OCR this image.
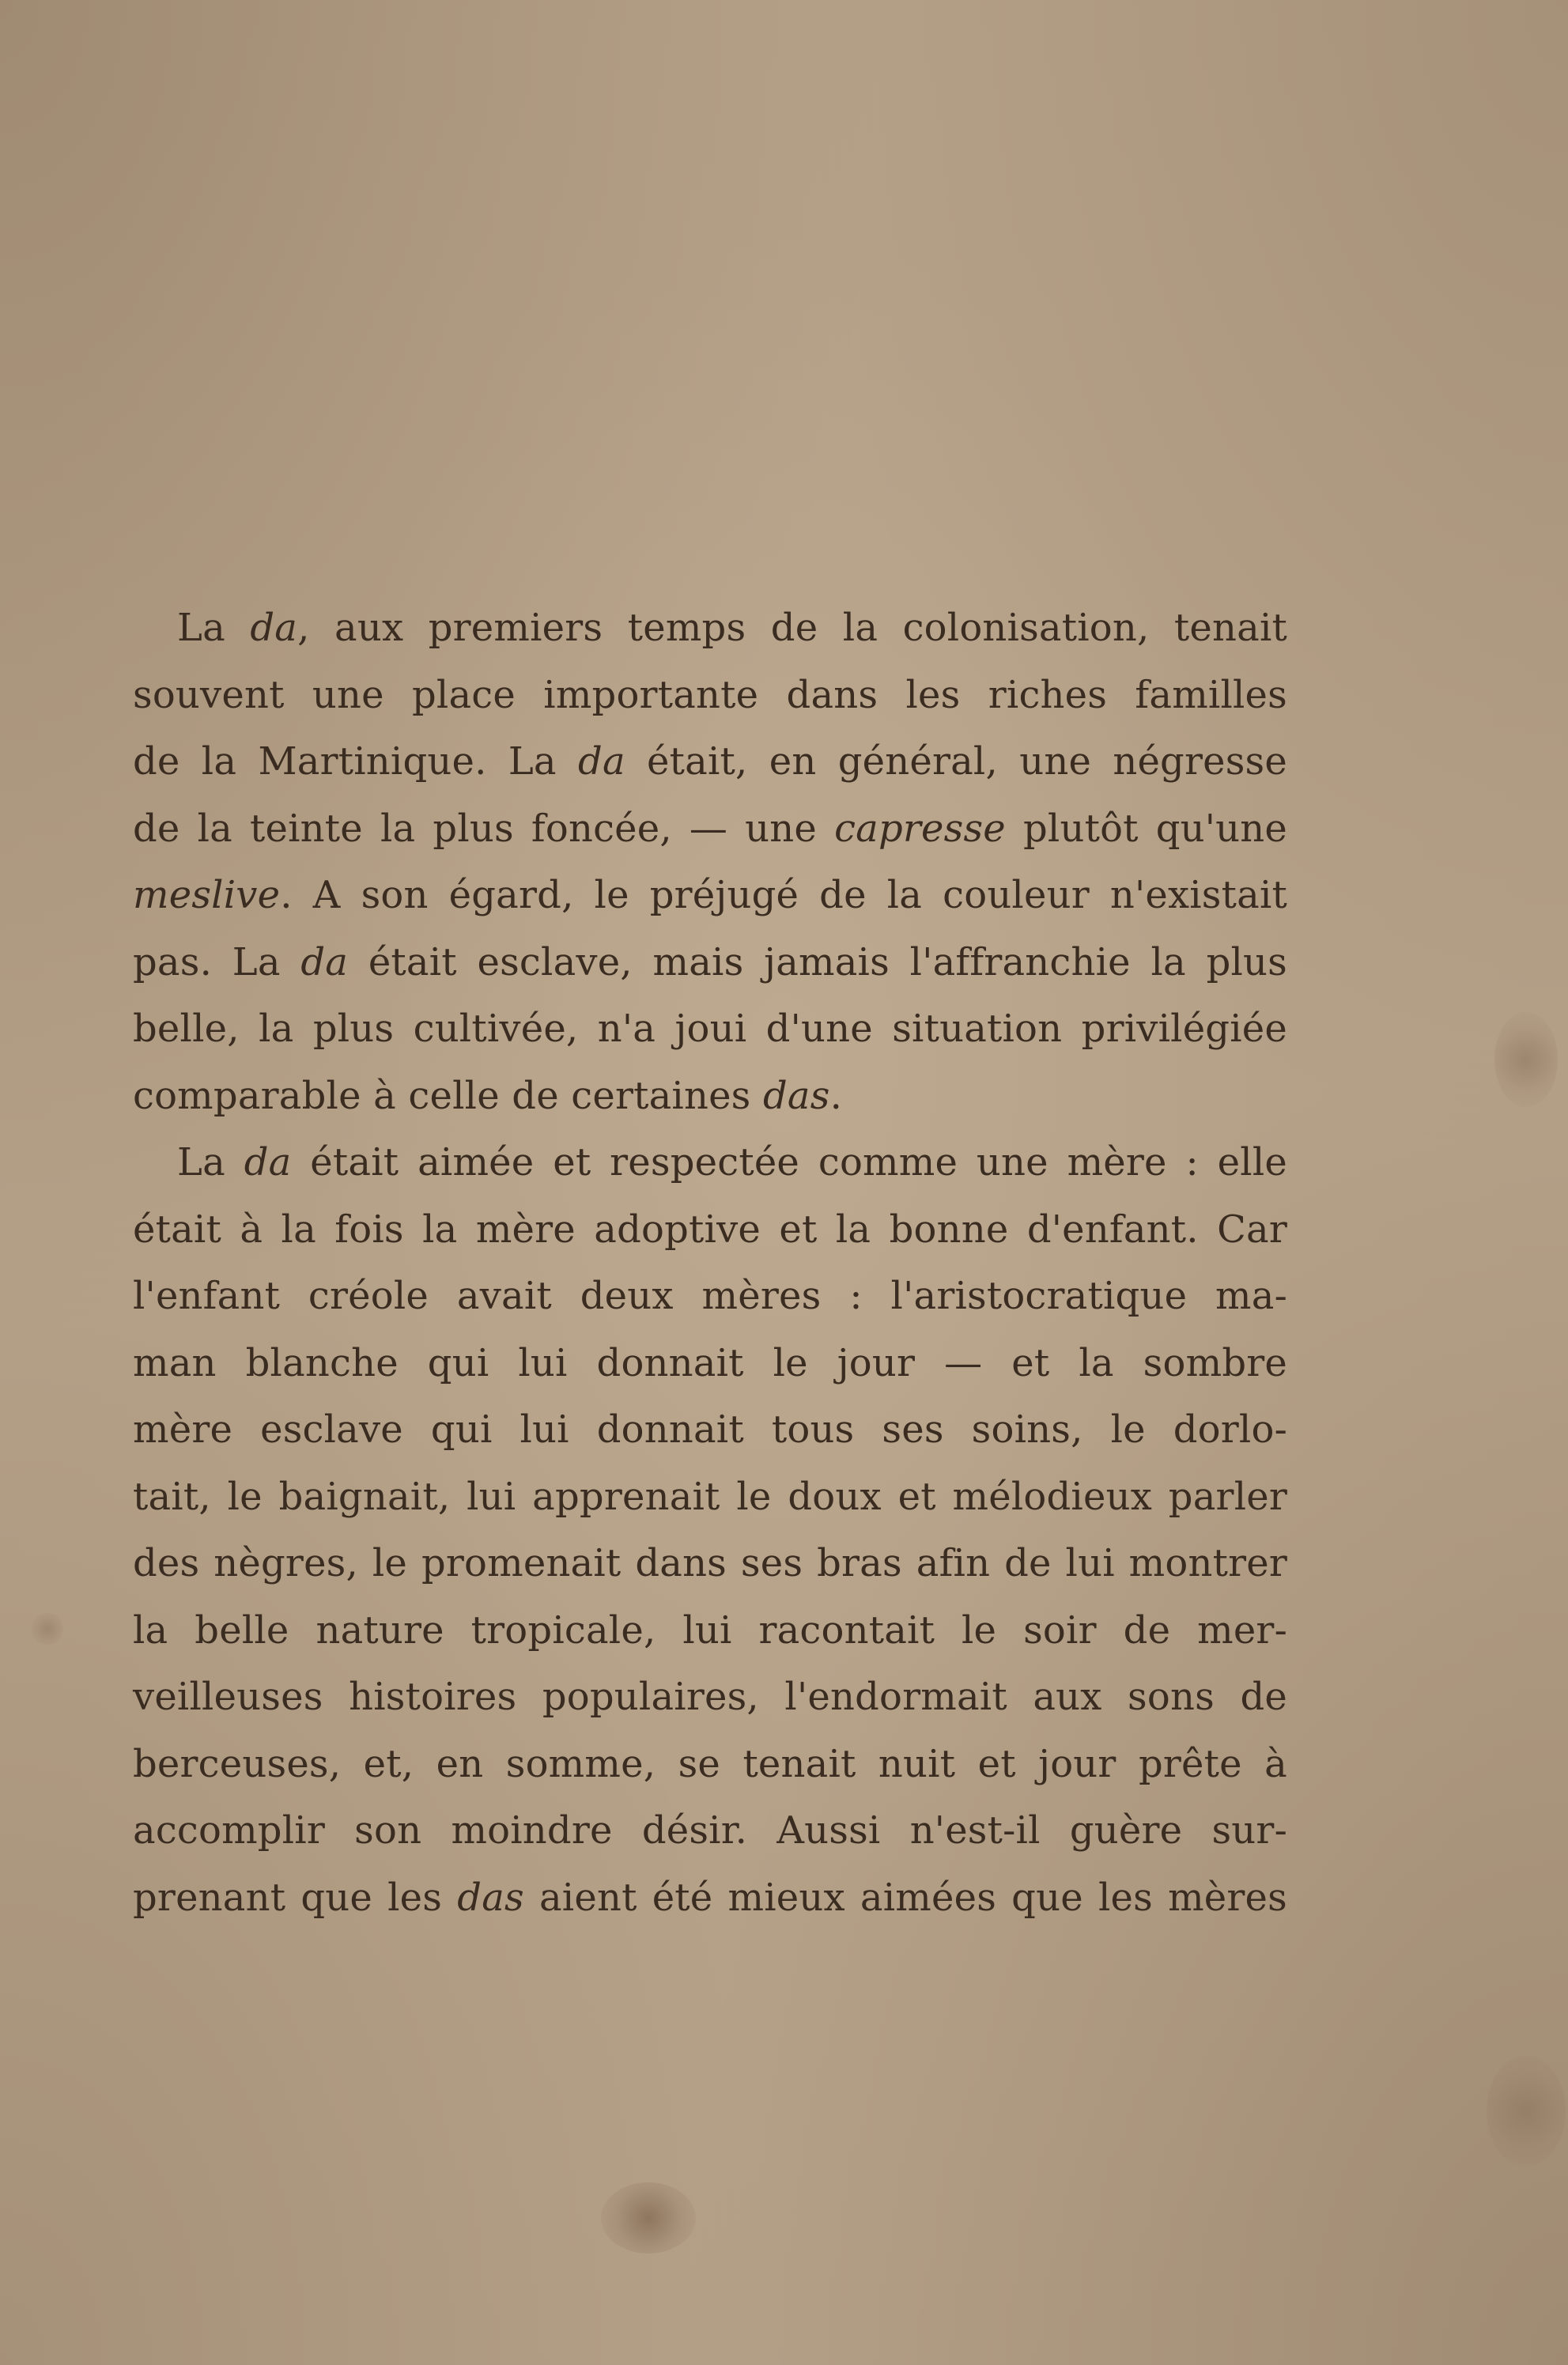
La da, aux premiers temps de la colonisation, tenait
souvent une place importante dans les riches familles
de la Martinique. La da était, en général, une négresse
de la teinte la plus foncée, — une capresse plutôt qu'une
meslive. A son égard, le préjugé de la couleur n'existait
pas. La da était esclave, mais jamais l'affranchie la plus
belle, la plus cultivée, n'a joui d'une situation privilégiée
comparable à celle de certaines das.
La da était aimée et respectée comme une mère : elle
était à la fois la mère adoptive et la bonne d'enfant. Car
l'enfant créole avait deux mères : l'aristocratique ma-
man blanche qui lui donnait le jour — et la sombre
mère esclave qui lui donnait tous ses soins, le dorlo-
tait, le baignait, lui apprenait le doux et mélodieux parler
des nègres, le promenait dans ses bras afin de lui montrer
la belle nature tropicale, lui racontait le soir de mer-
veilleuses histoires populaires, l'endormait aux sons de
berceuses, et, en somme, se tenait nuit et jour prête à
accomplir son moindre désir. Aussi n'est-il guère sur-
prenant que les das aient été mieux aimées que les mères
